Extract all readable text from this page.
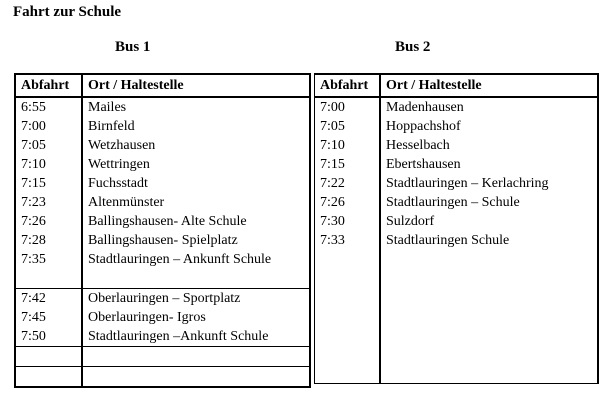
Fahrt zur Schule
Bus 1	Bus 2
Abfahrt	Ort / Haltestelle
6:55	Mailes
7:00	Birnfeld
7:05	Wetzhausen
7:10	Wettringen
7:15	Fuchsstadt
7:23	Altenmünster
7:26	Ballingshausen- Alte Schule
7:28	Ballingshausen- Spielplatz
7:35	Stadtlauringen – Ankunft Schule

7:42	Oberlauringen – Sportplatz
7:45	Oberlauringen- Igros
7:50	Stadtlauringen –Ankunft Schule

Abfahrt	Ort / Haltestelle
7:00	Madenhausen
7:05	Hoppachshof
7:10	Hesselbach
7:15	Ebertshausen
7:22	Stadtlauringen – Kerlachring
7:26	Stadtlauringen – Schule
7:30	Sulzdorf
7:33	Stadtlauringen Schule
